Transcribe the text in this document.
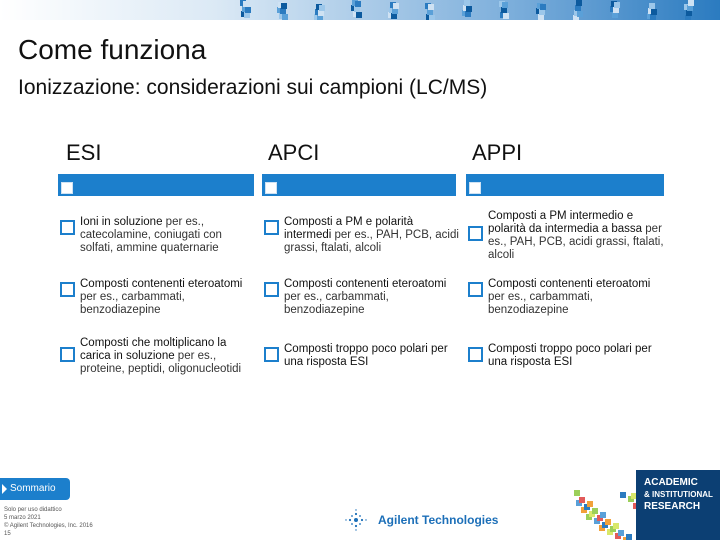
Come funziona
Ionizzazione: considerazioni sui campioni (LC/MS)
ESI
Ioni in soluzione per es., catecolamine, coniugati con solfati, ammine quaternarie
Composti contenenti eteroatomi per es., carbammati, benzodiazepine
Composti che moltiplicano la carica in soluzione per es., proteine, peptidi, oligonucleotidi
APCI
Composti a PM e polarità intermedi per es., PAH, PCB, acidi grassi, ftalati, alcoli
Composti contenenti eteroatomi per es., carbammati, benzodiazepine
Composti troppo poco polari per una risposta ESI
APPI
Composti a PM intermedio e polarità da intermedia a bassa per es., PAH, PCB, acidi grassi, ftalati, alcoli
Composti contenenti eteroatomi per es., carbammati, benzodiazepine
Composti troppo poco polari per una risposta ESI
Sommario
Solo per uso didattico
5 marzo 2021
© Agilent Technologies, Inc. 2016
15
Agilent Technologies
ACADEMIC
& INSTITUTIONAL
RESEARCH
